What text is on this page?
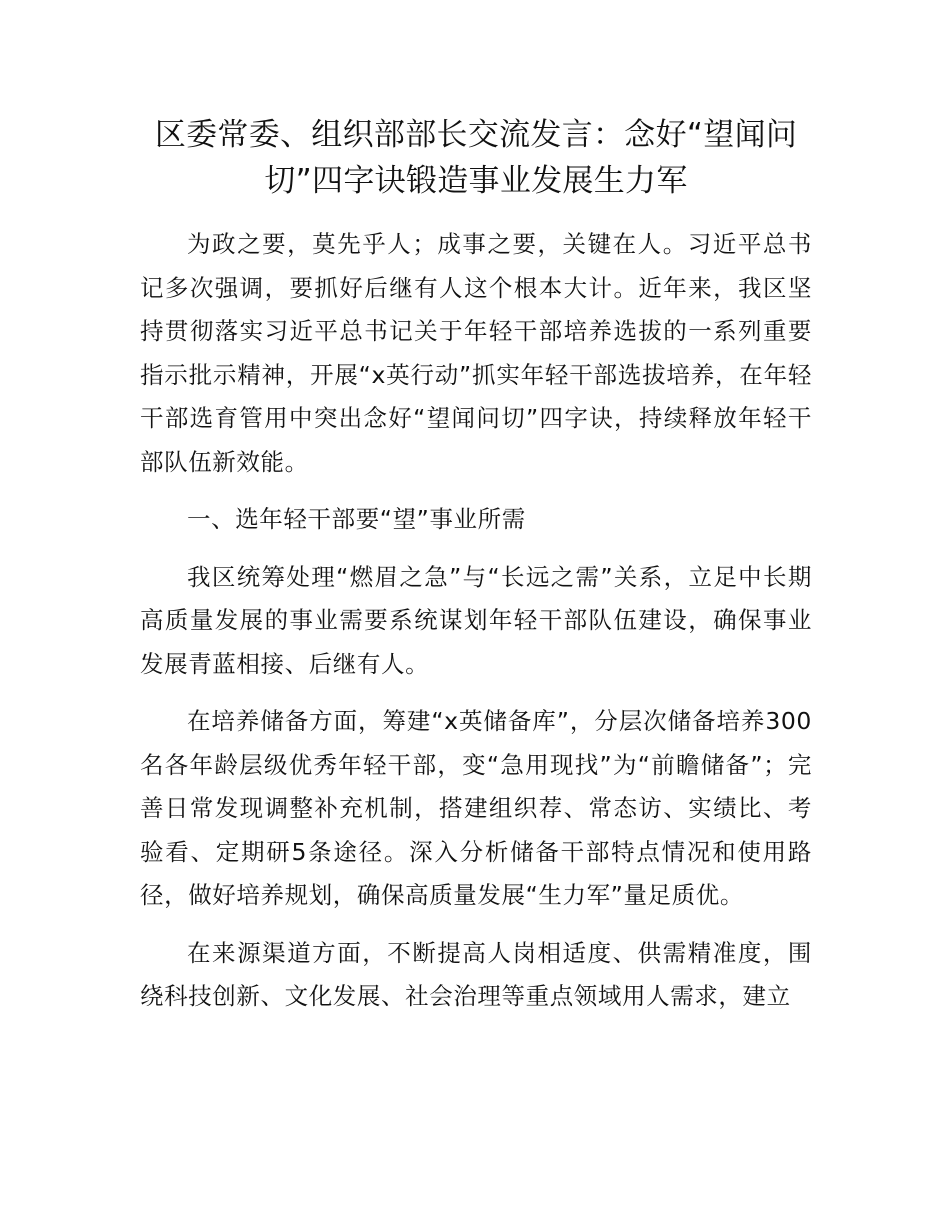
区委常委、组织部部长交流发言：念好“望闻问
切”四字诀锻造事业发展生力军

为政之要，莫先乎人；成事之要，关键在人。习近平总书记多次强调，要抓好后继有人这个根本大计。近年来，我区坚持贯彻落实习近平总书记关于年轻干部培养选拔的一系列重要指示批示精神，开展“x英行动”抓实年轻干部选拔培养，在年轻干部选育管用中突出念好“望闻问切”四字诀，持续释放年轻干部队伍新效能。

一、选年轻干部要“望”事业所需

我区统筹处理“燃眉之急”与“长远之需”关系，立足中长期高质量发展的事业需要系统谋划年轻干部队伍建设，确保事业发展青蓝相接、后继有人。

在培养储备方面，筹建“x英储备库”，分层次储备培养300名各年龄层级优秀年轻干部，变“急用现找”为“前瞻储备”；完善日常发现调整补充机制，搭建组织荐、常态访、实绩比、考验看、定期研5条途径。深入分析储备干部特点情况和使用路径，做好培养规划，确保高质量发展“生力军”量足质优。

在来源渠道方面，不断提高人岗相适度、供需精准度，围绕科技创新、文化发展、社会治理等重点领域用人需求，建立
